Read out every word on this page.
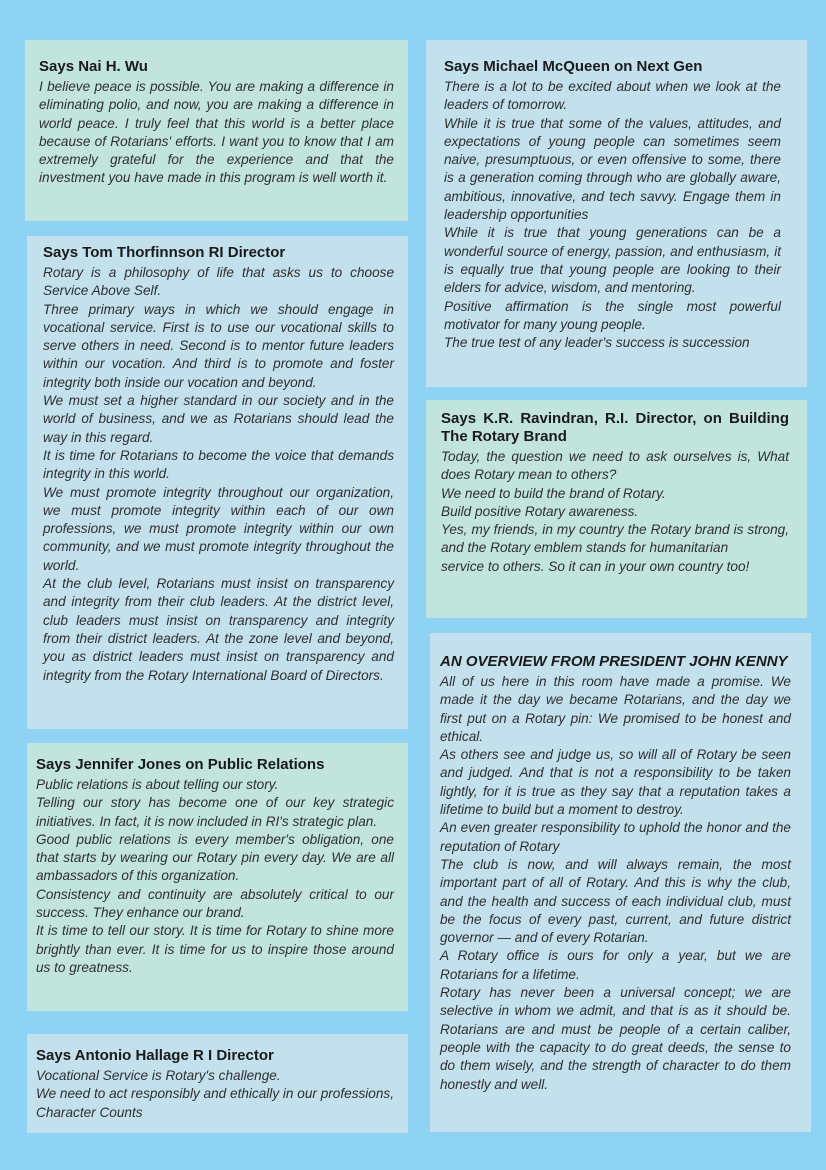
Says Nai H. Wu

I believe peace is possible. You are making a difference in eliminating polio, and now, you are making a difference in world peace. I truly feel that this world is a better place because of Rotarians' efforts. I want you to know that I am extremely grateful for the experience and that the investment you have made in this program is well worth it.

Says Tom Thorfinnson RI Director

Rotary is a philosophy of life that asks us to choose Service Above Self.

Three primary ways in which we should engage in vocational service. First is to use our vocational skills to serve others in need. Second is to mentor future leaders within our vocation. And third is to promote and foster integrity both inside our vocation and beyond.

We must set a higher standard in our society and in the world of business, and we as Rotarians should lead the way in this regard.

It is time for Rotarians to become the voice that demands integrity in this world.

We must promote integrity throughout our organization, we must promote integrity within each of our own professions, we must promote integrity within our own community, and we must promote integrity throughout the world.

At the club level, Rotarians must insist on transparency and integrity from their club leaders. At the district level, club leaders must insist on transparency and integrity from their district leaders. At the zone level and beyond, you as district leaders must insist on transparency and integrity from the Rotary International Board of Directors.

Says Jennifer Jones on Public Relations

Public relations is about telling our story.

Telling our story has become one of our key strategic initiatives. In fact, it is now included in RI's strategic plan.

Good public relations is every member's obligation, one that starts by wearing our Rotary pin every day. We are all ambassadors of this organization.

Consistency and continuity are absolutely critical to our success. They enhance our brand.

It is time to tell our story. It is time for Rotary to shine more brightly than ever. It is time for us to inspire those around us to greatness.

Says Antonio Hallage R I Director

Vocational Service is Rotary's challenge.

We need to act responsibly and ethically in our professions, Character Counts

Says Michael McQueen on Next Gen

There is a lot to be excited about when we look at the leaders of tomorrow.

While it is true that some of the values, attitudes, and expectations of young people can sometimes seem naive, presumptuous, or even offensive to some, there is a generation coming through who are globally aware, ambitious, innovative, and tech savvy. Engage them in leadership opportunities

While it is true that young generations can be a wonderful source of energy, passion, and enthusiasm, it is equally true that young people are looking to their elders for advice, wisdom, and mentoring.

Positive affirmation is the single most powerful motivator for many young people.

The true test of any leader's success is succession

Says K.R. Ravindran, R.I. Director, on Building The Rotary Brand

Today, the question we need to ask ourselves is, What does Rotary mean to others?

We need to build the brand of Rotary.

Build positive Rotary awareness.

Yes, my friends, in my country the Rotary brand is strong, and the Rotary emblem stands for humanitarian

service to others. So it can in your own country too!

AN OVERVIEW FROM PRESIDENT JOHN KENNY

All of us here in this room have made a promise. We made it the day we became Rotarians, and the day we first put on a Rotary pin: We promised to be honest and ethical.

As others see and judge us, so will all of Rotary be seen and judged. And that is not a responsibility to be taken lightly, for it is true as they say that a reputation takes a lifetime to build but a moment to destroy.

An even greater responsibility to uphold the honor and the reputation of Rotary

The club is now, and will always remain, the most important part of all of Rotary. And this is why the club, and the health and success of each individual club, must be the focus of every past, current, and future district governor — and of every Rotarian.

A Rotary office is ours for only a year, but we are Rotarians for a lifetime.

Rotary has never been a universal concept; we are selective in whom we admit, and that is as it should be. Rotarians are and must be people of a certain caliber, people with the capacity to do great deeds, the sense to do them wisely, and the strength of character to do them honestly and well.
